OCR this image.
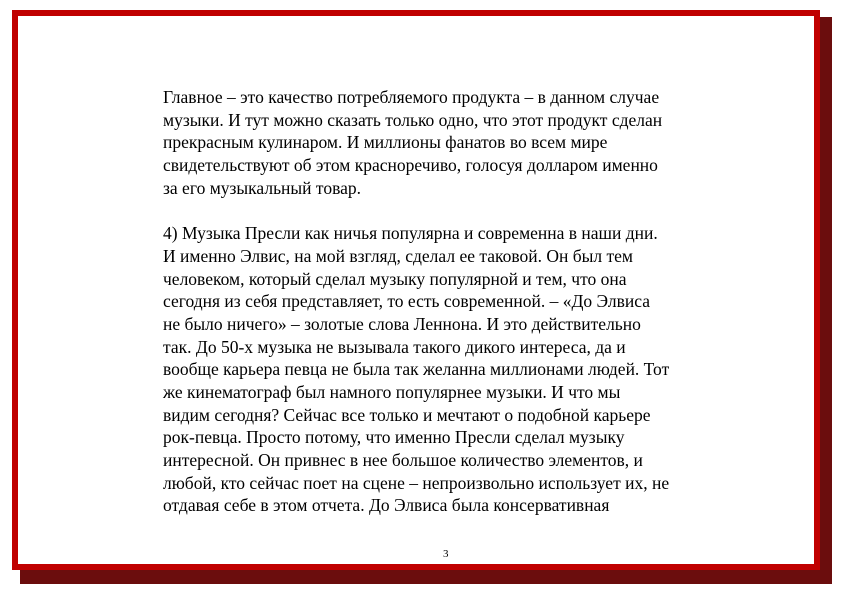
Главное – это качество потребляемого продукта – в данном случае
музыки. И тут можно сказать только одно, что этот продукт сделан
прекрасным кулинаром. И миллионы фанатов во всем мире
свидетельствуют об этом красноречиво, голосуя долларом именно
за его музыкальный товар.
4) Музыка Пресли как ничья популярна и современна в наши дни.
И именно Элвис, на мой взгляд, сделал ее таковой. Он был тем
человеком, который сделал музыку популярной и тем, что она
сегодня из себя представляет, то есть современной. – «До Элвиса
не было ничего» – золотые слова Леннона. И это действительно
так. До 50-х музыка не вызывала такого дикого интереса, да и
вообще карьера певца не была так желанна миллионами людей. Тот
же кинематограф был намного популярнее музыки. И что мы
видим сегодня? Сейчас все только и мечтают о подобной карьере
рок-певца. Просто потому, что именно Пресли сделал музыку
интересной. Он привнес в нее большое количество элементов, и
любой, кто сейчас поет на сцене – непроизвольно использует их, не
отдавая себе в этом отчета. До Элвиса была консервативная
3
